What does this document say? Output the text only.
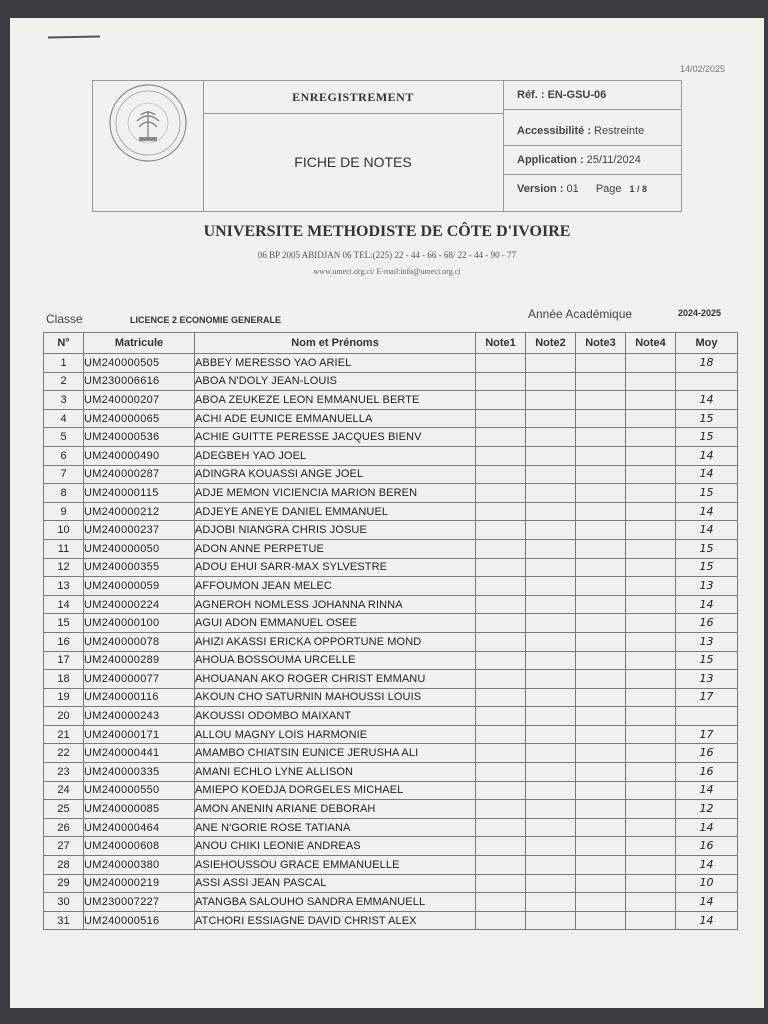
14/02/2025
ENREGISTREMENT
FICHE DE NOTES
Réf. : EN-GSU-06
Accessibilité : Restreinte
Application : 25/11/2024
Version : 01 Page 1 / 8
UNIVERSITE METHODISTE DE CÔTE D'IVOIRE
06 BP 2005 ABIDJAN 06 TEL:(225) 22 - 44 - 66 - 68/ 22 - 44 - 90 - 77
www.umeci.org.ci/ E-mail:info@umeci.org.ci
Classe	LICENCE 2 ECONOMIE GENERALE	Année Académique	2024-2025
N°	Matricule	Nom et Prénoms	Note1	Note2	Note3	Note4	Moy
1	UM240000505	ABBEY MERESSO YAO ARIEL					18
2	UM230006616	ABOA N'DOLY JEAN-LOUIS					
3	UM240000207	ABOA ZEUKEZE LEON EMMANUEL BERTE					14
4	UM240000065	ACHI ADE EUNICE EMMANUELLA					15
5	UM240000536	ACHIE GUITTE PERESSE JACQUES BIENV					15
6	UM240000490	ADEGBEH YAO JOEL					14
7	UM240000287	ADINGRA KOUASSI ANGE JOEL					14
8	UM240000115	ADJE MEMON VICIENCIA MARION BEREN					15
9	UM240000212	ADJEYE ANEYE DANIEL EMMANUEL					14
10	UM240000237	ADJOBI NIANGRA CHRIS JOSUE					14
11	UM240000050	ADON ANNE PERPETUE					15
12	UM240000355	ADOU EHUI SARR-MAX SYLVESTRE					15
13	UM240000059	AFFOUMON JEAN MELEC					13
14	UM240000224	AGNEROH NOMLESS JOHANNA RINNA					14
15	UM240000100	AGUI ADON EMMANUEL OSEE					16
16	UM240000078	AHIZI AKASSI ERICKA OPPORTUNE MOND					13
17	UM240000289	AHOUA BOSSOUMA URCELLE					15
18	UM240000077	AHOUANAN AKO ROGER CHRIST EMMANU					13
19	UM240000116	AKOUN CHO SATURNIN MAHOUSSI LOUIS					17
20	UM240000243	AKOUSSI ODOMBO MAIXANT					
21	UM240000171	ALLOU MAGNY LOIS HARMONIE					17
22	UM240000441	AMAMBO CHIATSIN EUNICE JERUSHA ALI					16
23	UM240000335	AMANI ECHLO LYNE ALLISON					16
24	UM240000550	AMIEPO KOEDJA DORGELES MICHAEL					14
25	UM240000085	AMON ANENIN ARIANE DEBORAH					12
26	UM240000464	ANE N'GORIE ROSE TATIANA					14
27	UM240000608	ANOU CHIKI LEONIE ANDREAS					16
28	UM240000380	ASIEHOUSSOU GRACE EMMANUELLE					14
29	UM240000219	ASSI ASSI JEAN PASCAL					10
30	UM230007227	ATANGBA SALOUHO SANDRA EMMANUELL					14
31	UM240000516	ATCHORI ESSIAGNE DAVID CHRIST ALEX					14
